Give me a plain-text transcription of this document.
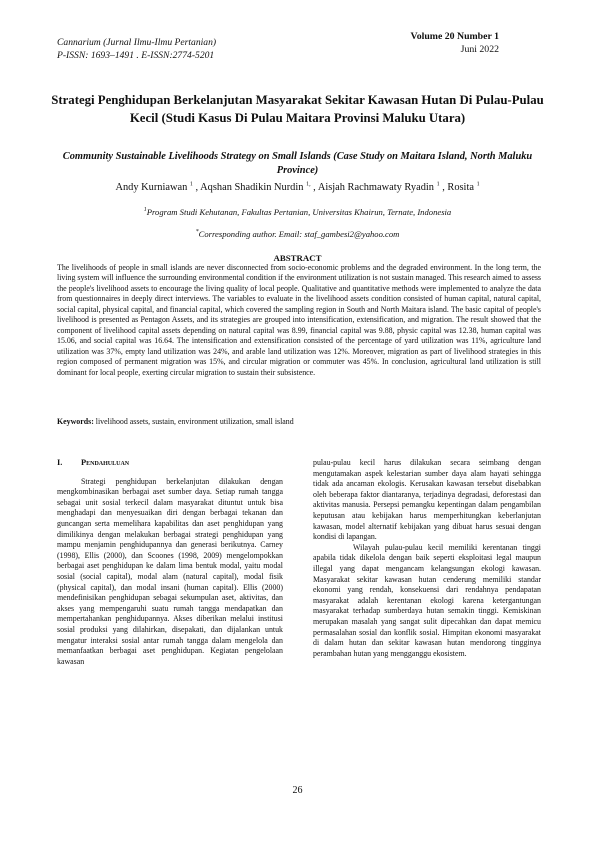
Cannarium (Jurnal Ilmu-Ilmu Pertanian)
P-ISSN: 1693–1491 . E-ISSN:2774-5201
Volume 20 Number 1
Juni 2022
Strategi Penghidupan Berkelanjutan Masyarakat Sekitar Kawasan Hutan Di Pulau-Pulau Kecil (Studi Kasus Di Pulau Maitara Provinsi Maluku Utara)
Community Sustainable Livelihoods Strategy on Small Islands (Case Study on Maitara Island, North Maluku Province)
Andy Kurniawan $^1$ , Aqshan Shadikin Nurdin $^{1,}$ , Aisjah Rachmawaty Ryadin $^1$ , Rosita $^1$
$^1$Program Studi Kehutanan, Fakultas Pertanian, Universitas Khairun, Ternate, Indonesia
*Corresponding author. Email: staf_gambesi2@yahoo.com
ABSTRACT

The livelihoods of people in small islands are never disconnected from socio-economic problems and the degraded environment. In the long term, the living system will influence the surrounding environmental condition if the environment utilization is not sustain managed. This research aimed to assess the people's livelihood assets to encourage the living quality of local people. Qualitative and quantitative methods were implemented to analyze the data from questionnaires in deeply direct interviews. The variables to evaluate in the livelihood assets condition consisted of human capital, natural capital, social capital, physical capital, and financial capital, which covered the sampling region in South and North Maitara island. The basic capital of people's livelihood is presented as Pentagon Assets, and its strategies are grouped into intensification, extensification, and migration. The result showed that the component of livelihood capital assets depending on natural capital was 8.99, financial capital was 9.88, physic capital was 12.38, human capital was 15.06, and social capital was 16.64. The intensification and extensification consisted of the percentage of yard utilization was 11%, agriculture land utilization was 37%, empty land utilization was 24%, and arable land utilization was 12%. Moreover, migration as part of livelihood strategies in this region composed of permanent migration was 15%, and circular migration or commuter was 45%. In conclusion, agricultural land utilization is still dominant for local people, exerting circular migration to sustain their subsistence.

Keywords: livelihood assets, sustain, environment utilization, small island

I. Pendahuluan

Strategi penghidupan berkelanjutan dilakukan dengan mengkombinasikan berbagai aset sumber daya. Setiap rumah tangga sebagai unit sosial terkecil dalam masyarakat dituntut untuk bisa menghadapi dan menyesuaikan diri dengan berbagai tekanan dan guncangan serta memelihara kapabilitas dan aset penghidupan yang dimilikinya dengan melakukan berbagai strategi penghidupan yang mampu menjamin penghidupannya dan generasi berikutnya. Carney (1998), Ellis (2000), dan Scoones (1998, 2009) mengelompokkan berbagai aset penghidupan ke dalam lima bentuk modal, yaitu modal sosial (social capital), modal alam (natural capital), modal fisik (physical capital), dan modal insani (human capital). Ellis (2000) mendefinisikan penghidupan sebagai sekumpulan aset, aktivitas, dan akses yang mempengaruhi suatu rumah tangga mendapatkan dan mempertahankan penghidupannya. Akses diberikan melalui institusi sosial produksi yang dilahirkan, disepakati, dan dijalankan untuk mengatur interaksi sosial antar rumah tangga dalam mengelola dan memanfaatkan berbagai aset penghidupan. Kegiatan pengelolaan kawasan

pulau-pulau kecil harus dilakukan secara seimbang dengan mengutamakan aspek kelestarian sumber daya alam hayati sehingga tidak ada ancaman ekologis. Kerusakan kawasan tersebut disebabkan oleh beberapa faktor diantaranya, terjadinya degradasi, deforestasi dan aktivitas manusia. Persepsi pemangku kepentingan dalam pengambilan keputusan atau kebijakan harus memperhitungkan keberlanjutan kawasan, model alternatif kebijakan yang dibuat harus sesuai dengan kondisi di lapangan.

Wilayah pulau-pulau kecil memiliki kerentanan tinggi apabila tidak dikelola dengan baik seperti eksploitasi legal maupun illegal yang dapat mengancam kelangsungan ekologi kawasan. Masyarakat sekitar kawasan hutan cenderung memiliki standar ekonomi yang rendah, konsekuensi dari rendahnya pendapatan masyarakat adalah kerentanan ekologi karena ketergantungan masyarakat terhadap sumberdaya hutan semakin tinggi. Kemiskinan merupakan masalah yang sangat sulit dipecahkan dan dapat memicu permasalahan sosial dan konflik sosial. Himpitan ekonomi masyarakat di dalam hutan dan sekitar kawasan hutan mendorong tingginya perambahan hutan yang mengganggu ekosistem.

26
